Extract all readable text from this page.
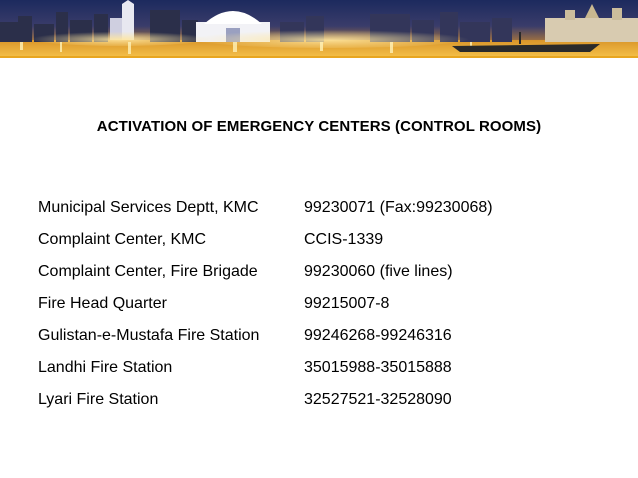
ACTIVATION OF EMERGENCY CENTERS (CONTROL ROOMS)
Municipal Services Deptt, KMC	99230071 (Fax:99230068)
Complaint Center, KMC	CCIS-1339
Complaint Center, Fire Brigade	99230060 (five lines)
Fire Head Quarter	99215007-8
Gulistan-e-Mustafa Fire Station	99246268-99246316
Landhi Fire Station	35015988-35015888
Lyari Fire Station	32527521-32528090
